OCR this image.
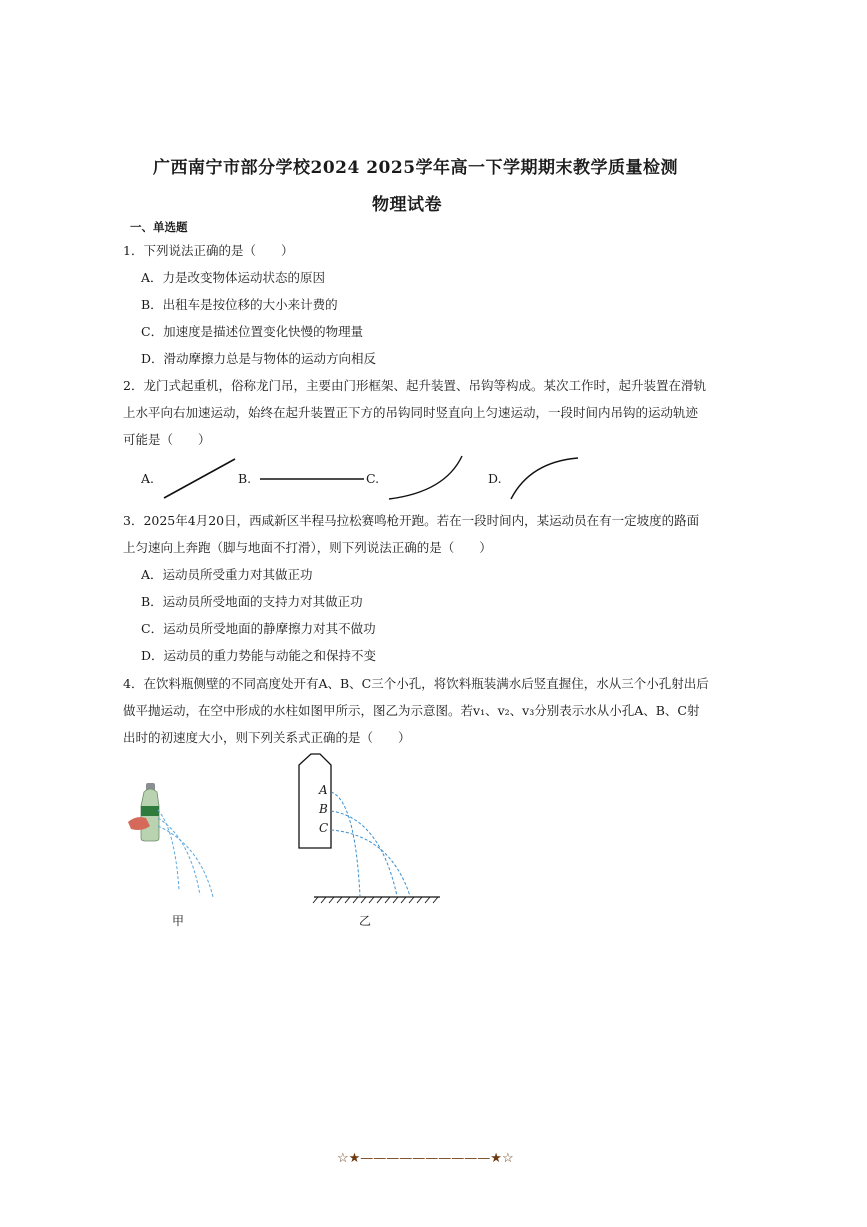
广西南宁市部分学校2024 2025学年高一下学期期末教学质量检测
物理试卷
一、单选题
1．下列说法正确的是（　　）
A．力是改变物体运动状态的原因
B．出租车是按位移的大小来计费的
C．加速度是描述位置变化快慢的物理量
D．滑动摩擦力总是与物体的运动方向相反
2．龙门式起重机，俗称龙门吊，主要由门形框架、起升装置、吊钩等构成。某次工作时，起升装置在滑轨
上水平向右加速运动，始终在起升装置正下方的吊钩同时竖直向上匀速运动，一段时间内吊钩的运动轨迹
可能是（　　）
A.	B.	C.	D.
3．2025年4月20日，西咸新区半程马拉松赛鸣枪开跑。若在一段时间内，某运动员在有一定坡度的路面
上匀速向上奔跑（脚与地面不打滑），则下列说法正确的是（　　）
A．运动员所受重力对其做正功
B．运动员所受地面的支持力对其做正功
C．运动员所受地面的静摩擦力对其不做功
D．运动员的重力势能与动能之和保持不变
4．在饮料瓶侧壁的不同高度处开有A、B、C三个小孔，将饮料瓶装满水后竖直握住，水从三个小孔射出后
做平抛运动，在空中形成的水柱如图甲所示，图乙为示意图。若v₁、v₂、v₃分别表示水从小孔A、B、C射
出时的初速度大小，则下列关系式正确的是（　　）
甲
A
B
C
乙
☆★——————————★☆
